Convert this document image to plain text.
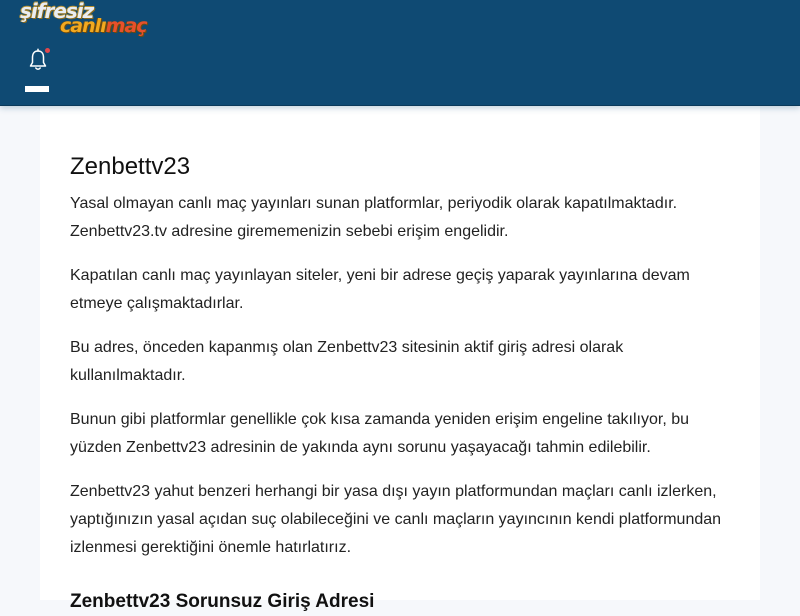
şifresiz
canlımaç
Zenbettv23

Yasal olmayan canlı maç yayınları sunan platformlar, periyodik olarak kapatılmaktadır. Zenbettv23.tv adresine girememenizin sebebi erişim engelidir.

Kapatılan canlı maç yayınlayan siteler, yeni bir adrese geçiş yaparak yayınlarına devam etmeye çalışmaktadırlar.

Bu adres, önceden kapanmış olan Zenbettv23 sitesinin aktif giriş adresi olarak kullanılmaktadır.

Bunun gibi platformlar genellikle çok kısa zamanda yeniden erişim engeline takılıyor, bu yüzden Zenbettv23 adresinin de yakında aynı sorunu yaşayacağı tahmin edilebilir.

Zenbettv23 yahut benzeri herhangi bir yasa dışı yayın platformundan maçları canlı izlerken, yaptığınızın yasal açıdan suç olabileceğini ve canlı maçların yayıncının kendi platformundan izlenmesi gerektiğini önemle hatırlatırız.

Zenbettv23 Sorunsuz Giriş Adresi
